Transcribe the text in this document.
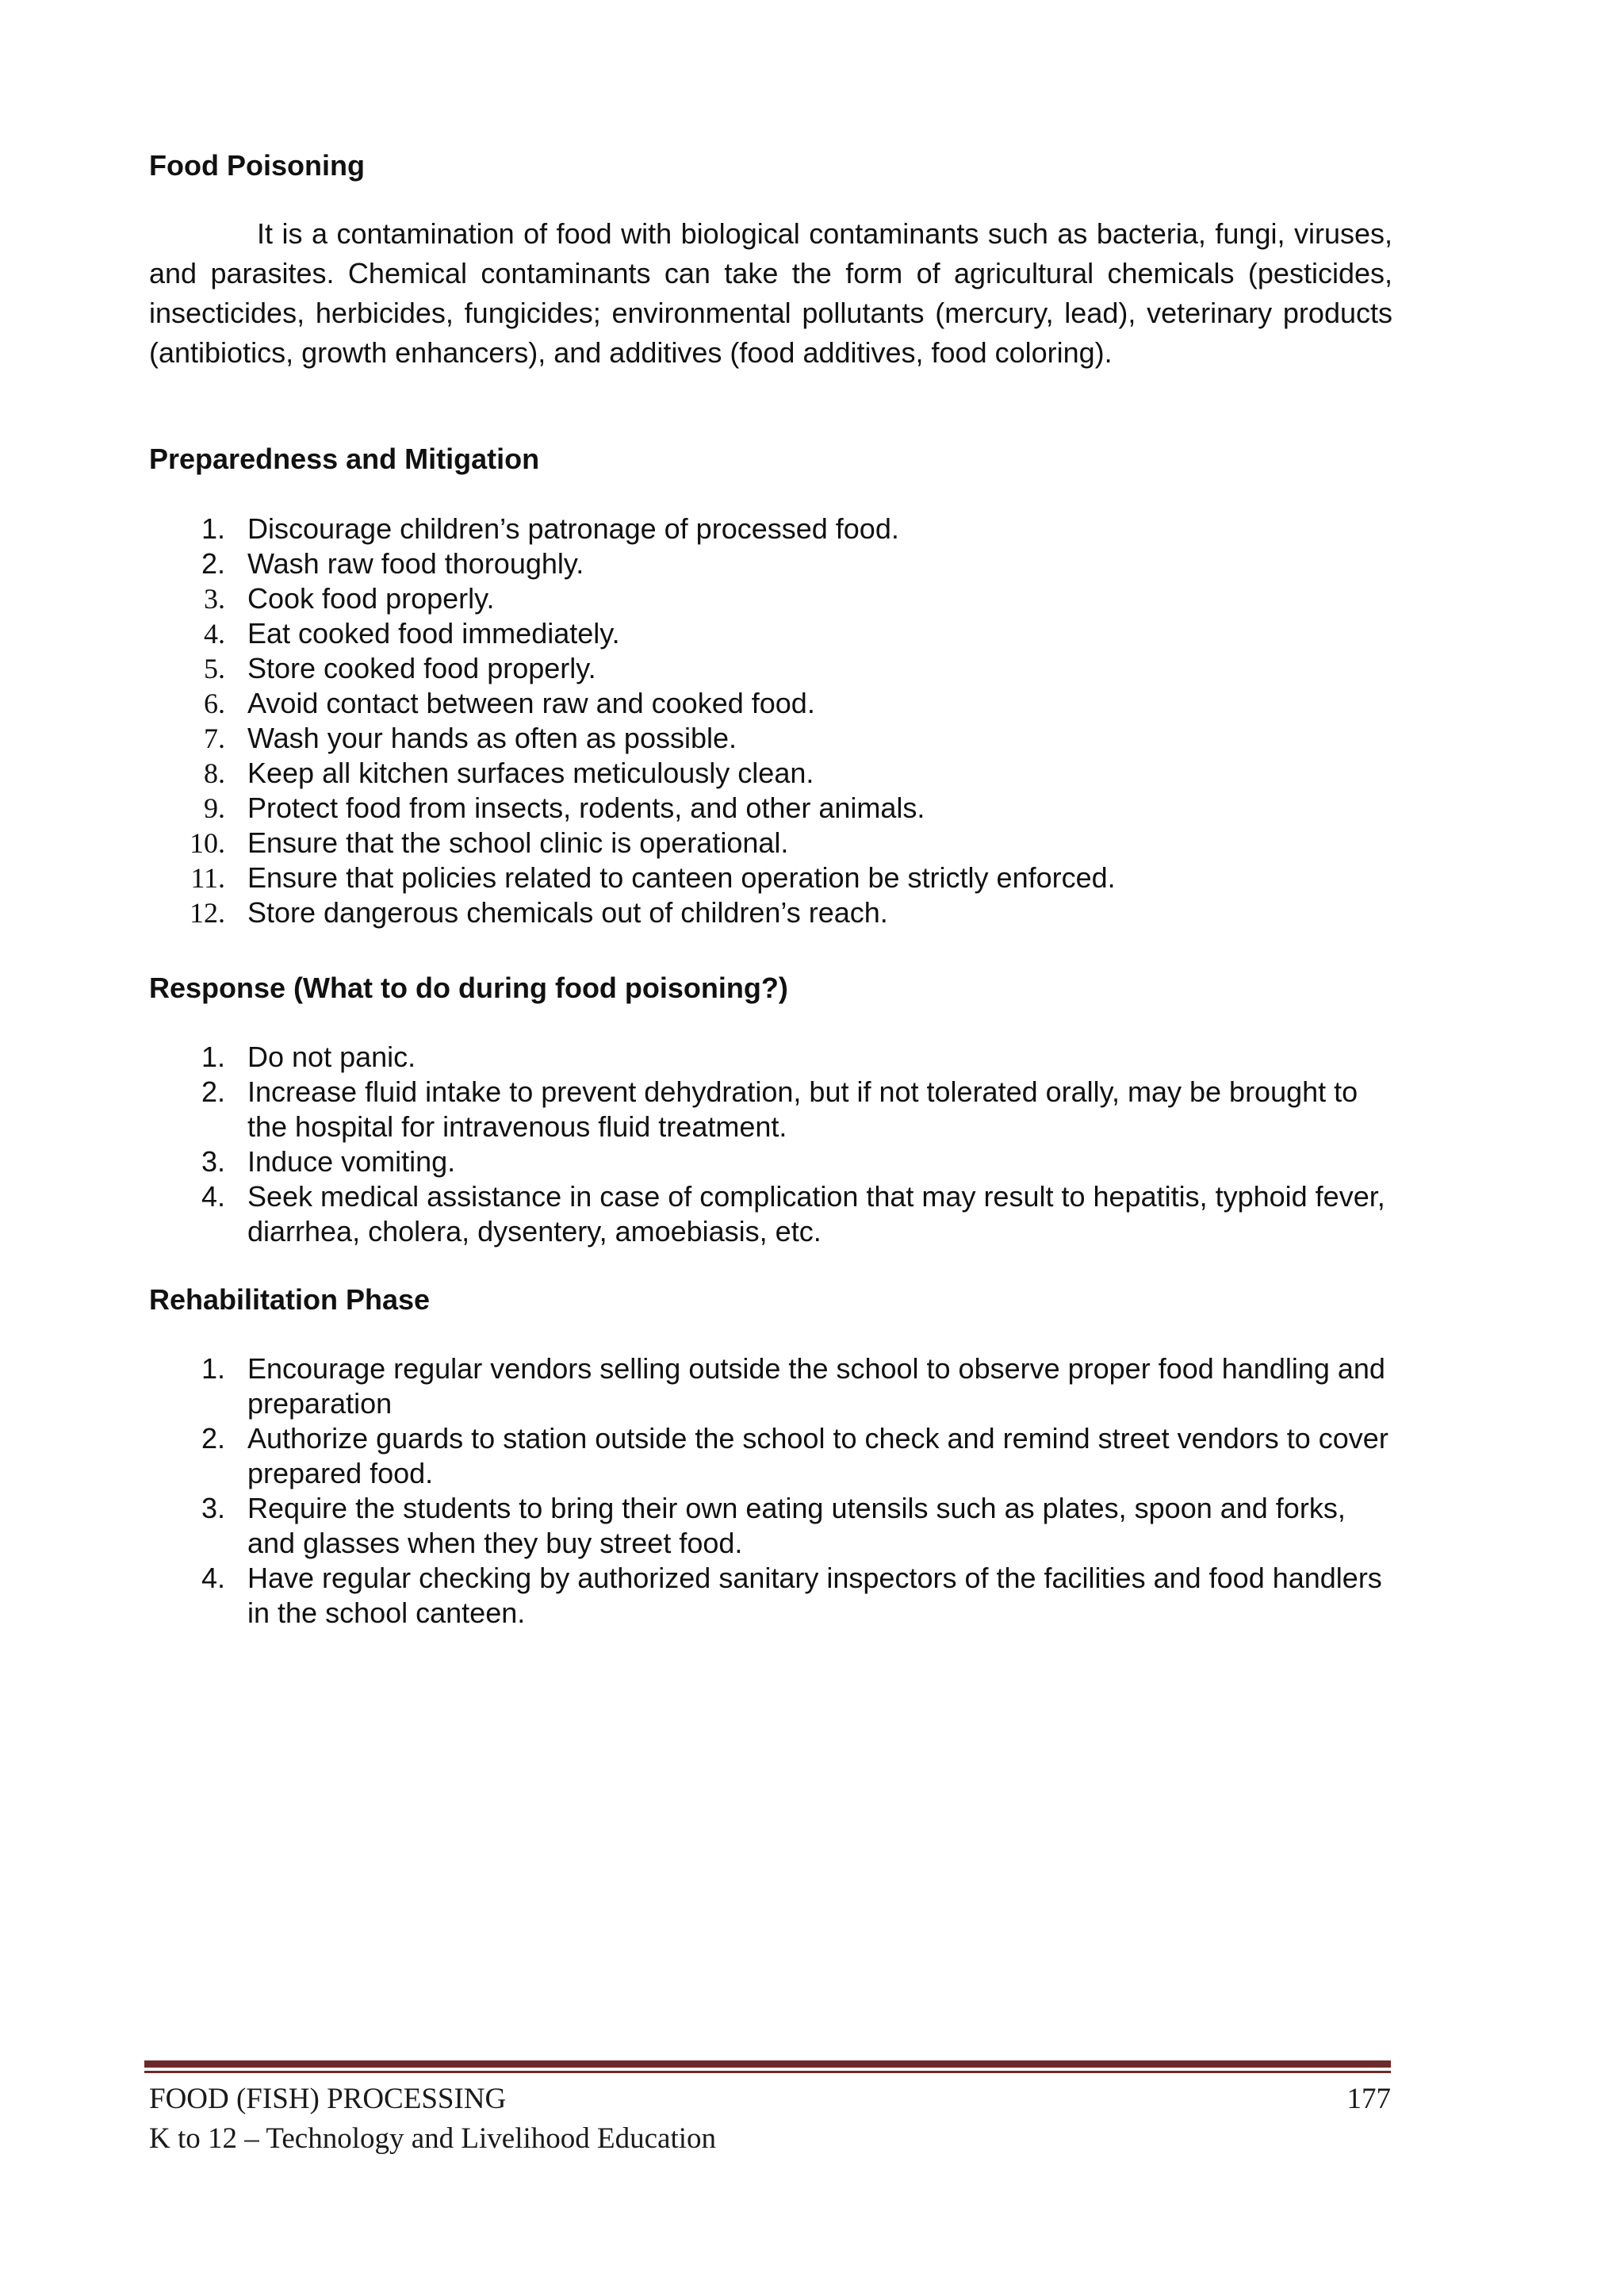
Food Poisoning

It is a contamination of food with biological contaminants such as bacteria, fungi, viruses, and parasites. Chemical contaminants can take the form of agricultural chemicals (pesticides, insecticides, herbicides, fungicides; environmental pollutants (mercury, lead), veterinary products (antibiotics, growth enhancers), and additives (food additives, food coloring).

Preparedness and Mitigation
1. Discourage children’s patronage of processed food.
2. Wash raw food thoroughly.
3. Cook food properly.
4. Eat cooked food immediately.
5. Store cooked food properly.
6. Avoid contact between raw and cooked food.
7. Wash your hands as often as possible.
8. Keep all kitchen surfaces meticulously clean.
9. Protect food from insects, rodents, and other animals.
10. Ensure that the school clinic is operational.
11. Ensure that policies related to canteen operation be strictly enforced.
12. Store dangerous chemicals out of children’s reach.
Response (What to do during food poisoning?)
1. Do not panic.
2. Increase fluid intake to prevent dehydration, but if not tolerated orally, may be brought to the hospital for intravenous fluid treatment.
3. Induce vomiting.
4. Seek medical assistance in case of complication that may result to hepatitis, typhoid fever, diarrhea, cholera, dysentery, amoebiasis, etc.
Rehabilitation Phase
1. Encourage regular vendors selling outside the school to observe proper food handling and preparation
2. Authorize guards to station outside the school to check and remind street vendors to cover prepared food.
3. Require the students to bring their own eating utensils such as plates, spoon and forks, and glasses when they buy street food.
4. Have regular checking by authorized sanitary inspectors of the facilities and food handlers in the school canteen.
FOOD (FISH) PROCESSING	177
K to 12 – Technology and Livelihood Education
